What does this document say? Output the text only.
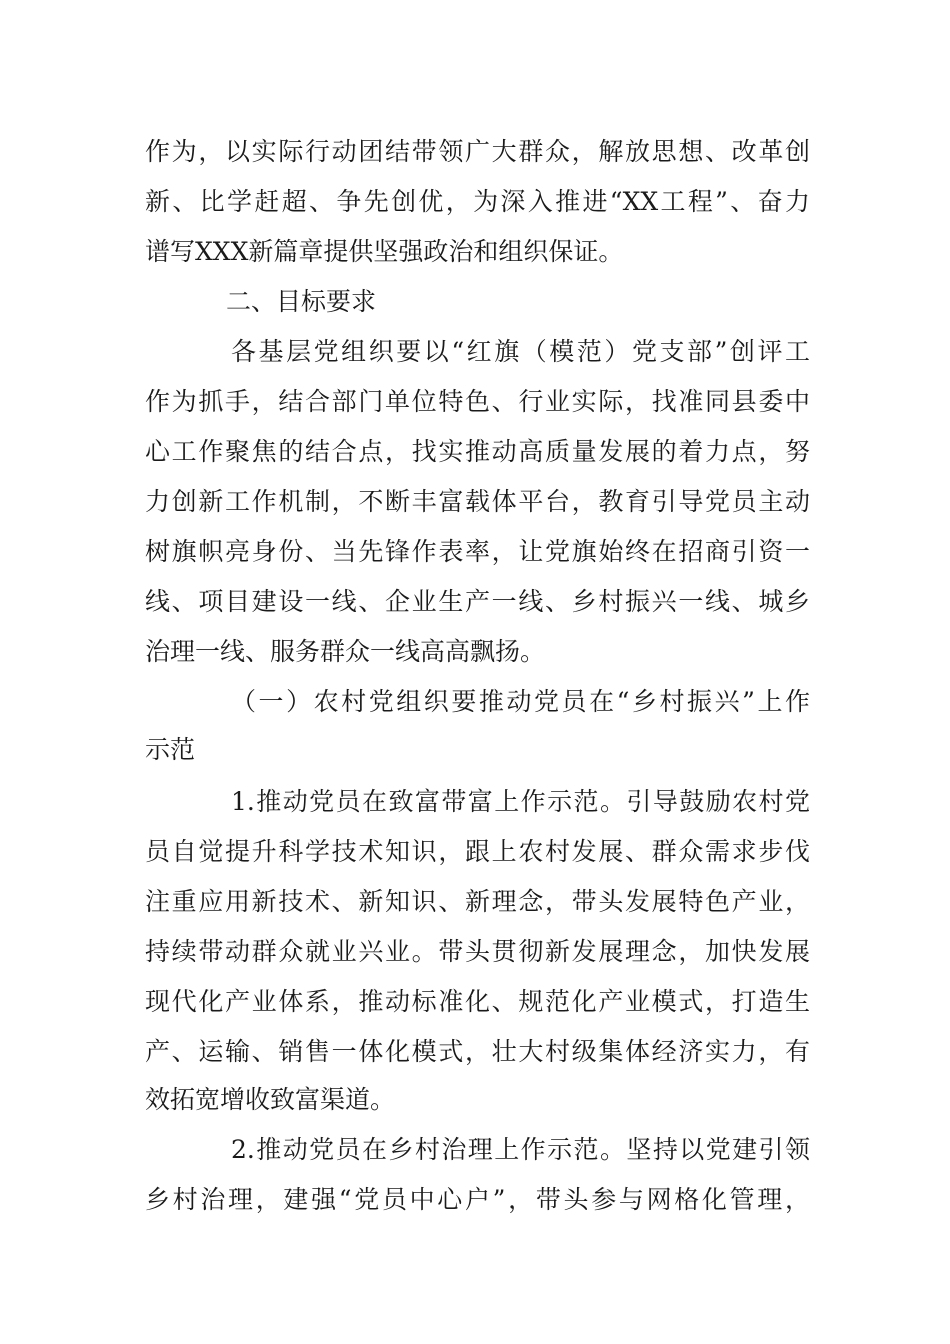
作为，以实际行动团结带领广大群众，解放思想、改革创
新、比学赶超、争先创优，为深入推进“XX工程”、奋力
谱写XXX新篇章提供坚强政治和组织保证。
二、目标要求
各基层党组织要以“红旗（模范）党支部”创评工
作为抓手，结合部门单位特色、行业实际，找准同县委中
心工作聚焦的结合点，找实推动高质量发展的着力点，努
力创新工作机制，不断丰富载体平台，教育引导党员主动
树旗帜亮身份、当先锋作表率，让党旗始终在招商引资一
线、项目建设一线、企业生产一线、乡村振兴一线、城乡
治理一线、服务群众一线高高飘扬。
（一）农村党组织要推动党员在“乡村振兴”上作
示范
1.推动党员在致富带富上作示范。引导鼓励农村党
员自觉提升科学技术知识，跟上农村发展、群众需求步伐
注重应用新技术、新知识、新理念，带头发展特色产业，
持续带动群众就业兴业。带头贯彻新发展理念，加快发展
现代化产业体系，推动标准化、规范化产业模式，打造生
产、运输、销售一体化模式，壮大村级集体经济实力，有
效拓宽增收致富渠道。
2.推动党员在乡村治理上作示范。坚持以党建引领
乡村治理，建强“党员中心户”，带头参与网格化管理，
